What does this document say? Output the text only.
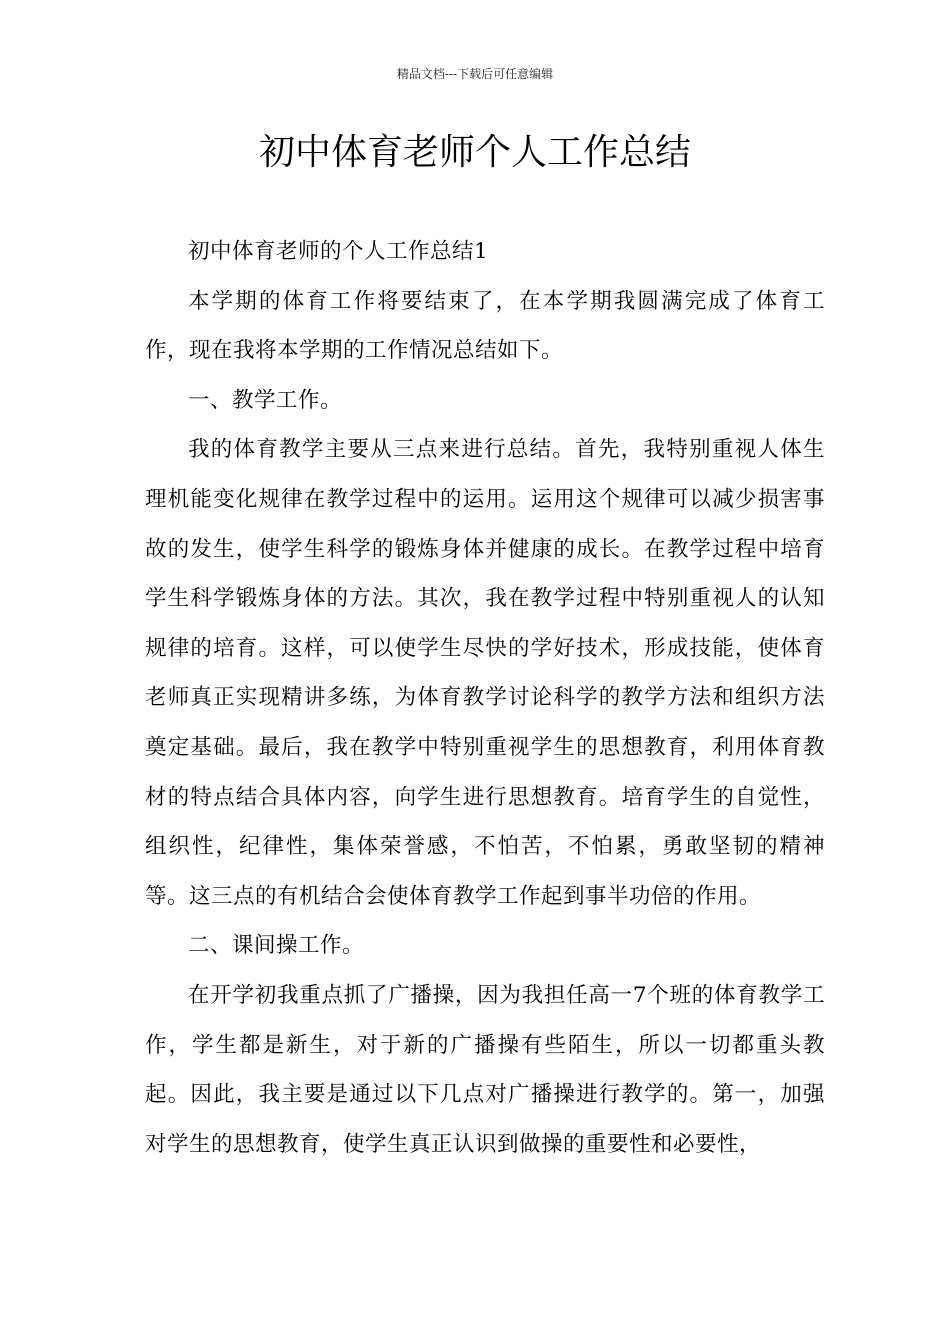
精品文档---下载后可任意编辑
初中体育老师个人工作总结

初中体育老师的个人工作总结1

本学期的体育工作将要结束了，在本学期我圆满完成了体育工作，现在我将本学期的工作情况总结如下。

一、教学工作。

我的体育教学主要从三点来进行总结。首先，我特别重视人体生理机能变化规律在教学过程中的运用。运用这个规律可以减少损害事故的发生，使学生科学的锻炼身体并健康的成长。在教学过程中培育学生科学锻炼身体的方法。其次，我在教学过程中特别重视人的认知规律的培育。这样，可以使学生尽快的学好技术，形成技能，使体育老师真正实现精讲多练，为体育教学讨论科学的教学方法和组织方法奠定基础。最后，我在教学中特别重视学生的思想教育，利用体育教材的特点结合具体内容，向学生进行思想教育。培育学生的自觉性，组织性，纪律性，集体荣誉感，不怕苦，不怕累，勇敢坚韧的精神等。这三点的有机结合会使体育教学工作起到事半功倍的作用。

二、课间操工作。

在开学初我重点抓了广播操，因为我担任高一7个班的体育教学工作，学生都是新生，对于新的广播操有些陌生，所以一切都重头教起。因此，我主要是通过以下几点对广播操进行教学的。第一，加强对学生的思想教育，使学生真正认识到做操的重要性和必要性，
